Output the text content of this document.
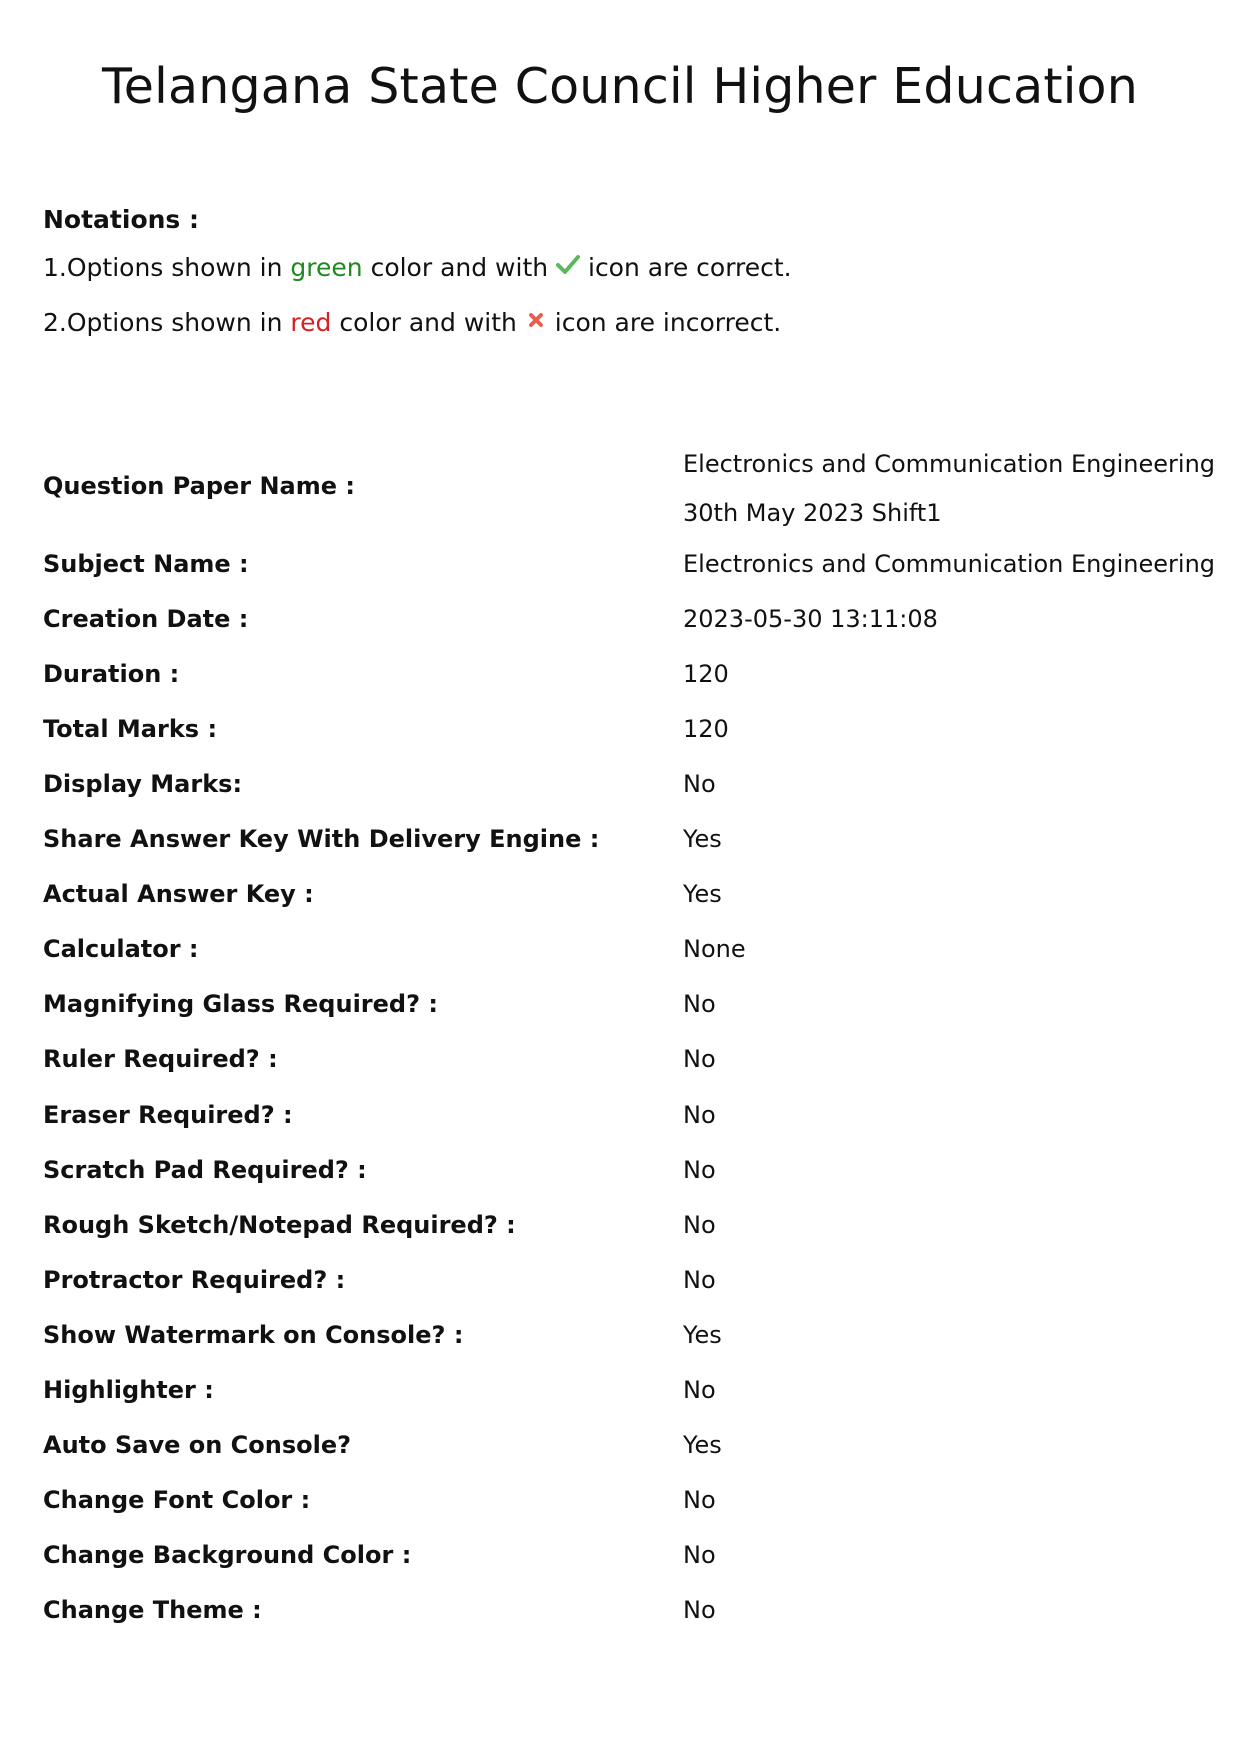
Telangana State Council Higher Education
Notations :
1.Options shown in green color and with  icon are correct.
2.Options shown in red color and with  icon are incorrect.
Question Paper Name :
Electronics and Communication Engineering
30th May 2023 Shift1
Subject Name :	Electronics and Communication Engineering
Creation Date :	2023-05-30 13:11:08
Duration :	120
Total Marks :	120
Display Marks:	No
Share Answer Key With Delivery Engine :	Yes
Actual Answer Key :	Yes
Calculator :	None
Magnifying Glass Required? :	No
Ruler Required? :	No
Eraser Required? :	No
Scratch Pad Required? :	No
Rough Sketch/Notepad Required? :	No
Protractor Required? :	No
Show Watermark on Console? :	Yes
Highlighter :	No
Auto Save on Console?	Yes
Change Font Color :	No
Change Background Color :	No
Change Theme :	No
